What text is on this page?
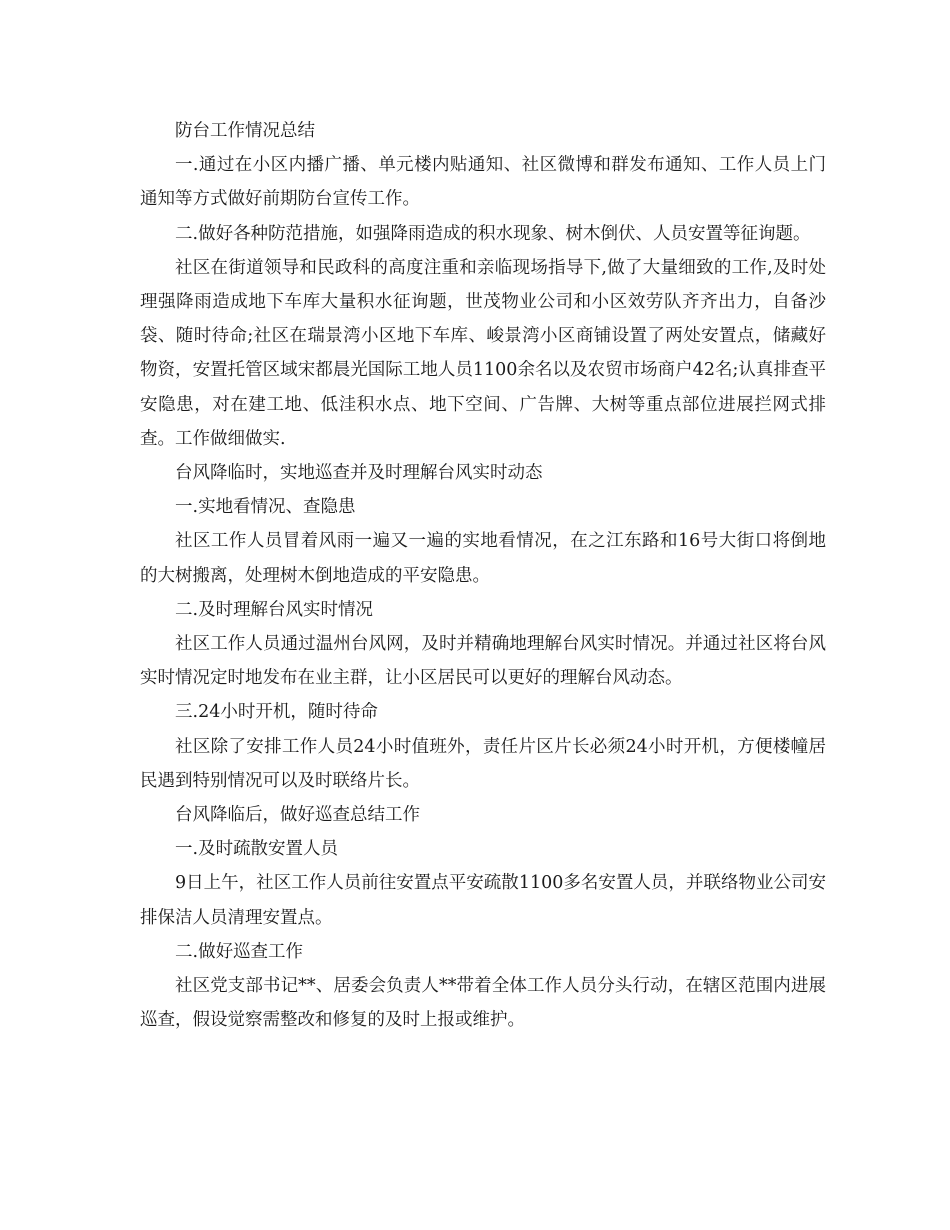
防台工作情况总结

一.通过在小区内播广播、单元楼内贴通知、社区微博和群发布通知、工作人员上门通知等方式做好前期防台宣传工作。

二.做好各种防范措施，如强降雨造成的积水现象、树木倒伏、人员安置等征询题。

社区在街道领导和民政科的高度注重和亲临现场指导下,做了大量细致的工作,及时处理强降雨造成地下车库大量积水征询题，世茂物业公司和小区效劳队齐齐出力，自备沙袋、随时待命;社区在瑞景湾小区地下车库、峻景湾小区商铺设置了两处安置点，储藏好物资，安置托管区域宋都晨光国际工地人员1100余名以及农贸市场商户42名;认真排查平安隐患，对在建工地、低洼积水点、地下空间、广告牌、大树等重点部位进展拦网式排查。工作做细做实.

台风降临时，实地巡查并及时理解台风实时动态

一.实地看情况、查隐患

社区工作人员冒着风雨一遍又一遍的实地看情况，在之江东路和16号大街口将倒地的大树搬离，处理树木倒地造成的平安隐患。

二.及时理解台风实时情况

社区工作人员通过温州台风网，及时并精确地理解台风实时情况。并通过社区将台风实时情况定时地发布在业主群，让小区居民可以更好的理解台风动态。

三.24小时开机，随时待命

社区除了安排工作人员24小时值班外，责任片区片长必须24小时开机，方便楼幢居民遇到特别情况可以及时联络片长。

台风降临后，做好巡查总结工作

一.及时疏散安置人员

9日上午，社区工作人员前往安置点平安疏散1100多名安置人员，并联络物业公司安排保洁人员清理安置点。

二.做好巡查工作

社区党支部书记**、居委会负责人**带着全体工作人员分头行动，在辖区范围内进展巡查，假设觉察需整改和修复的及时上报或维护。
